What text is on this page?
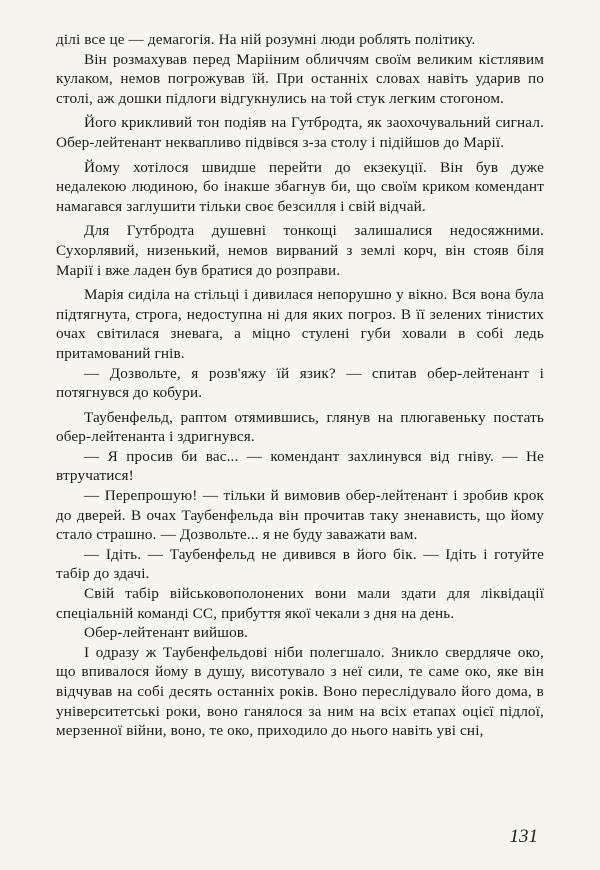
ділі все це — демагогія. На ній розумні люди роблять політику.

Він розмахував перед Марііним обличчям своїм великим кістлявим кулаком, немов погрожував їй. При останніх словах навіть ударив по столі, аж дошки підлоги відгукнулись на той стук легким стогоном.

Його крикливий тон подіяв на Гутбродта, як заохочувальний сигнал. Обер-лейтенант неквапливо підвівся з-за столу і підійшов до Марії.

Йому хотілося швидше перейти до екзекуції. Він був дуже недалекою людиною, бо інакше збагнув би, що своїм криком комендант намагався заглушити тільки своє безсилля і свій відчай.

Для Гутбродта душевні тонкощі залишалися недосяжними. Сухорлявий, низенький, немов вирваний з землі корч, він стояв біля Марії і вже ладен був братися до розправи.

Марія сиділа на стільці і дивилася непорушно у вікно. Вся вона була підтягнута, строга, недоступна ні для яких погроз. В її зелених тінистих очах світилася зневага, а міцно стулені губи ховали в собі ледь притамований гнів.

— Дозвольте, я розв'яжу їй язик? — спитав обер-лейтенант і потягнувся до кобури.

Таубенфельд, раптом отямившись, глянув на плюгавенькy постать обер-лейтенанта і здригнувся.

— Я просив би вас... — комендант захлинувся від гніву. — Не втручатися!

— Перепрошую! — тільки й вимовив обер-лейтенант і зробив крок до дверей. В очах Таубенфельда він прочитав таку зненависть, що йому стало страшно. — Дозвольте... я не буду заважати вам.

— Ідіть. — Таубенфельд не дивився в його бік. — Ідіть і готуйте табір до здачі.

Свій табір військовополонених вони мали здати для ліквідації спеціальній команді СС, прибуття якої чекали з дня на день.

Обер-лейтенант вийшов.

І одразу ж Таубенфельдові ніби полегшало. Зникло свердляче око, що впивалося йому в душу, висотувало з неї сили, те саме око, яке він відчував на собі десять останніх років. Воно переслідувало його дома, в університетські роки, воно ганялося за ним на всіх етапах оцієї підлої, мерзенної війни, воно, те око, приходило до нього навіть уві сні,

131
